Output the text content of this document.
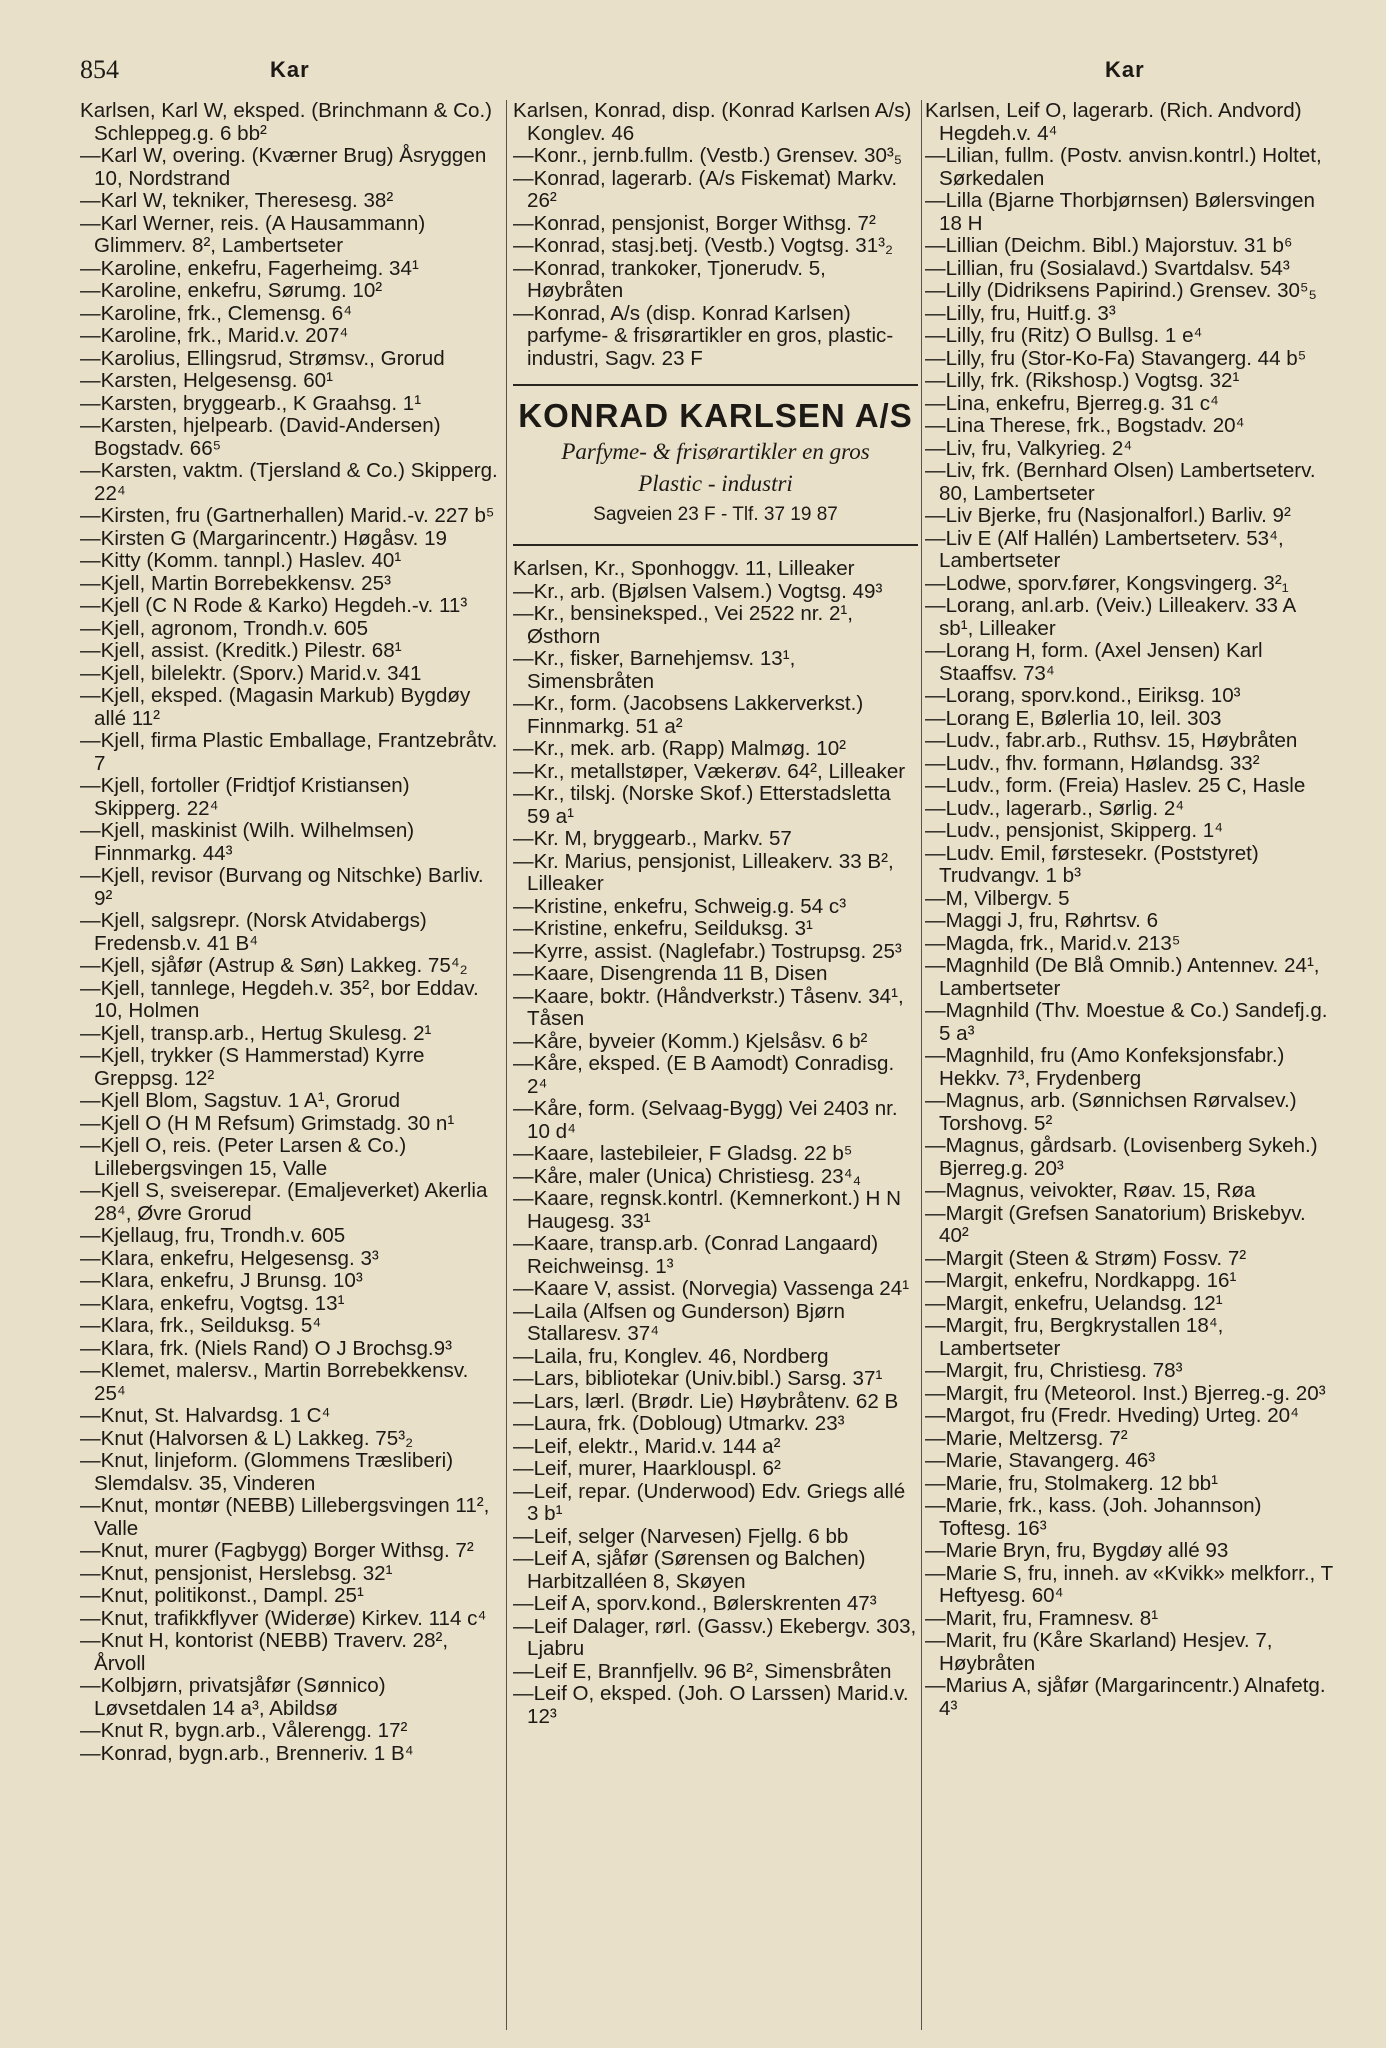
854	Kar	Kar

Karlsen, Karl W, eksped. (Brinchmann & Co.) Schleppeg.g. 6 bb²

—Karl W, overing. (Kværner Brug) Åsryggen 10, Nordstrand

—Karl W, tekniker, Theresesg. 38²

—Karl Werner, reis. (A Hausammann) Glimmerv. 8², Lambertseter

—Karoline, enkefru, Fagerheimg. 34¹

—Karoline, enkefru, Sørumg. 10²

—Karoline, frk., Clemensg. 6⁴

—Karoline, frk., Marid.v. 207⁴

—Karolius, Ellingsrud, Strømsv., Grorud

—Karsten, Helgesensg. 60¹

—Karsten, bryggearb., K Graahsg. 1¹

—Karsten, hjelpearb. (David-Andersen) Bogstadv. 66⁵

—Karsten, vaktm. (Tjersland & Co.) Skipperg. 22⁴

—Kirsten, fru (Gartnerhallen) Marid.-v. 227 b⁵

—Kirsten G (Margarincentr.) Høgåsv. 19

—Kitty (Komm. tannpl.) Haslev. 40¹

—Kjell, Martin Borrebekkensv. 25³

—Kjell (C N Rode & Karko) Hegdeh.-v. 11³

—Kjell, agronom, Trondh.v. 605

—Kjell, assist. (Kreditk.) Pilestr. 68¹

—Kjell, bilelektr. (Sporv.) Marid.v. 341

—Kjell, eksped. (Magasin Markub) Bygdøy allé 11²

—Kjell, firma Plastic Emballage, Frantzebråtv. 7

—Kjell, fortoller (Fridtjof Kristiansen) Skipperg. 22⁴

—Kjell, maskinist (Wilh. Wilhelmsen) Finnmarkg. 44³

—Kjell, revisor (Burvang og Nitschke) Barliv. 9²

—Kjell, salgsrepr. (Norsk Atvidabergs) Fredensb.v. 41 B⁴

—Kjell, sjåfør (Astrup & Søn) Lakkeg. 75⁴₂

—Kjell, tannlege, Hegdeh.v. 35², bor Eddav. 10, Holmen

—Kjell, transp.arb., Hertug Skulesg. 2¹

—Kjell, trykker (S Hammerstad) Kyrre Greppsg. 12²

—Kjell Blom, Sagstuv. 1 A¹, Grorud

—Kjell O (H M Refsum) Grimstadg. 30 n¹

—Kjell O, reis. (Peter Larsen & Co.) Lillebergsvingen 15, Valle

—Kjell S, sveiserepar. (Emaljeverket) Akerlia 28⁴, Øvre Grorud

—Kjellaug, fru, Trondh.v. 605

—Klara, enkefru, Helgesensg. 3³

—Klara, enkefru, J Brunsg. 10³

—Klara, enkefru, Vogtsg. 13¹

—Klara, frk., Seilduksg. 5⁴

—Klara, frk. (Niels Rand) O J Brochsg.9³

—Klemet, malersv., Martin Borrebekkensv. 25⁴

—Knut, St. Halvardsg. 1 C⁴

—Knut (Halvorsen & L) Lakkeg. 75³₂

—Knut, linjeform. (Glommens Træsliberi) Slemdalsv. 35, Vinderen

—Knut, montør (NEBB) Lillebergsvingen 11², Valle

—Knut, murer (Fagbygg) Borger Withsg. 7²

—Knut, pensjonist, Herslebsg. 32¹

—Knut, politikonst., Dampl. 25¹

—Knut, trafikkflyver (Widerøe) Kirkev. 114 c⁴

—Knut H, kontorist (NEBB) Traverv. 28², Årvoll

—Kolbjørn, privatsjåfør (Sønnico) Løvsetdalen 14 a³, Abildsø

—Knut R, bygn.arb., Vålerengg. 17²

—Konrad, bygn.arb., Brenneriv. 1 B⁴

Karlsen, Konrad, disp. (Konrad Karlsen A/s) Konglev. 46

—Konr., jernb.fullm. (Vestb.) Grensev. 30³₅

—Konrad, lagerarb. (A/s Fiskemat) Markv. 26²

—Konrad, pensjonist, Borger Withsg. 7²

—Konrad, stasj.betj. (Vestb.) Vogtsg. 31³₂

—Konrad, trankoker, Tjonerudv. 5, Høybråten

—Konrad, A/s (disp. Konrad Karlsen) parfyme- & frisørartikler en gros, plastic-industri, Sagv. 23 F

KONRAD KARLSEN A/S
Parfyme- & frisørartikler en gros
Plastic - industri
Sagveien 23 F - Tlf. 37 19 87

Karlsen, Kr., Sponhoggv. 11, Lilleaker

—Kr., arb. (Bjølsen Valsem.) Vogtsg. 49³

—Kr., bensineksped., Vei 2522 nr. 2¹, Østhorn

—Kr., fisker, Barnehjemsv. 13¹, Simensbråten

—Kr., form. (Jacobsens Lakkerverkst.) Finnmarkg. 51 a²

—Kr., mek. arb. (Rapp) Malmøg. 10²

—Kr., metallstøper, Vækerøv. 64², Lilleaker

—Kr., tilskj. (Norske Skof.) Etterstadsletta 59 a¹

—Kr. M, bryggearb., Markv. 57

—Kr. Marius, pensjonist, Lilleakerv. 33 B², Lilleaker

—Kristine, enkefru, Schweig.g. 54 c³

—Kristine, enkefru, Seilduksg. 3¹

—Kyrre, assist. (Naglefabr.) Tostrupsg. 25³

—Kaare, Disengrenda 11 B, Disen

—Kaare, boktr. (Håndverkstr.) Tåsenv. 34¹, Tåsen

—Kåre, byveier (Komm.) Kjelsåsv. 6 b²

—Kåre, eksped. (E B Aamodt) Conradisg. 2⁴

—Kåre, form. (Selvaag-Bygg) Vei 2403 nr. 10 d⁴

—Kaare, lastebileier, F Gladsg. 22 b⁵

—Kåre, maler (Unica) Christiesg. 23⁴₄

—Kaare, regnsk.kontrl. (Kemnerkont.) H N Haugesg. 33¹

—Kaare, transp.arb. (Conrad Langaard) Reichweinsg. 1³

—Kaare V, assist. (Norvegia) Vassenga 24¹

—Laila (Alfsen og Gunderson) Bjørn Stallaresv. 37⁴

—Laila, fru, Konglev. 46, Nordberg

—Lars, bibliotekar (Univ.bibl.) Sarsg. 37¹

—Lars, lærl. (Brødr. Lie) Høybråtenv. 62 B

—Laura, frk. (Dobloug) Utmarkv. 23³

—Leif, elektr., Marid.v. 144 a²

—Leif, murer, Haarklouspl. 6²

—Leif, repar. (Underwood) Edv. Griegs allé 3 b¹

—Leif, selger (Narvesen) Fjellg. 6 bb

—Leif A, sjåfør (Sørensen og Balchen) Harbitzalléen 8, Skøyen

—Leif A, sporv.kond., Bølerskrenten 47³

—Leif Dalager, rørl. (Gassv.) Ekebergv. 303, Ljabru

—Leif E, Brannfjellv. 96 B², Simensbråten

—Leif O, eksped. (Joh. O Larssen) Marid.v. 12³

Karlsen, Leif O, lagerarb. (Rich. Andvord) Hegdeh.v. 4⁴

—Lilian, fullm. (Postv. anvisn.kontrl.) Holtet, Sørkedalen

—Lilla (Bjarne Thorbjørnsen) Bølersvingen 18 H

—Lillian (Deichm. Bibl.) Majorstuv. 31 b⁶

—Lillian, fru (Sosialavd.) Svartdalsv. 54³

—Lilly (Didriksens Papirind.) Grensev. 30⁵₅

—Lilly, fru, Huitf.g. 3³

—Lilly, fru (Ritz) O Bullsg. 1 e⁴

—Lilly, fru (Stor-Ko-Fa) Stavangerg. 44 b⁵

—Lilly, frk. (Rikshosp.) Vogtsg. 32¹

—Lina, enkefru, Bjerreg.g. 31 c⁴

—Lina Therese, frk., Bogstadv. 20⁴

—Liv, fru, Valkyrieg. 2⁴

—Liv, frk. (Bernhard Olsen) Lambertseterv. 80, Lambertseter

—Liv Bjerke, fru (Nasjonalforl.) Barliv. 9²

—Liv E (Alf Hallén) Lambertseterv. 53⁴, Lambertseter

—Lodwe, sporv.fører, Kongsvingerg. 3²₁

—Lorang, anl.arb. (Veiv.) Lilleakerv. 33 A sb¹, Lilleaker

—Lorang H, form. (Axel Jensen) Karl Staaffsv. 73⁴

—Lorang, sporv.kond., Eiriksg. 10³

—Lorang E, Bølerlia 10, leil. 303

—Ludv., fabr.arb., Ruthsv. 15, Høybråten

—Ludv., fhv. formann, Hølandsg. 33²

—Ludv., form. (Freia) Haslev. 25 C, Hasle

—Ludv., lagerarb., Sørlig. 2⁴

—Ludv., pensjonist, Skipperg. 1⁴

—Ludv. Emil, førstesekr. (Poststyret) Trudvangv. 1 b³

—M, Vilbergv. 5

—Maggi J, fru, Røhrtsv. 6

—Magda, frk., Marid.v. 213⁵

—Magnhild (De Blå Omnib.) Antennev. 24¹, Lambertseter

—Magnhild (Thv. Moestue & Co.) Sandefj.g. 5 a³

—Magnhild, fru (Amo Konfeksjonsfabr.) Hekkv. 7³, Frydenberg

—Magnus, arb. (Sønnichsen Rørvalsev.) Torshovg. 5²

—Magnus, gårdsarb. (Lovisenberg Sykeh.) Bjerreg.g. 20³

—Magnus, veivokter, Røav. 15, Røa

—Margit (Grefsen Sanatorium) Briskebyv. 40²

—Margit (Steen & Strøm) Fossv. 7²

—Margit, enkefru, Nordkappg. 16¹

—Margit, enkefru, Uelandsg. 12¹

—Margit, fru, Bergkrystallen 18⁴, Lambertseter

—Margit, fru, Christiesg. 78³

—Margit, fru (Meteorol. Inst.) Bjerreg.-g. 20³

—Margot, fru (Fredr. Hveding) Urteg. 20⁴

—Marie, Meltzersg. 7²

—Marie, Stavangerg. 46³

—Marie, fru, Stolmakerg. 12 bb¹

—Marie, frk., kass. (Joh. Johannson) Toftesg. 16³

—Marie Bryn, fru, Bygdøy allé 93

—Marie S, fru, inneh. av «Kvikk» melkforr., T Heftyesg. 60⁴

—Marit, fru, Framnesv. 8¹

—Marit, fru (Kåre Skarland) Hesjev. 7, Høybråten

—Marius A, sjåfør (Margarincentr.) Alnafetg. 4³
